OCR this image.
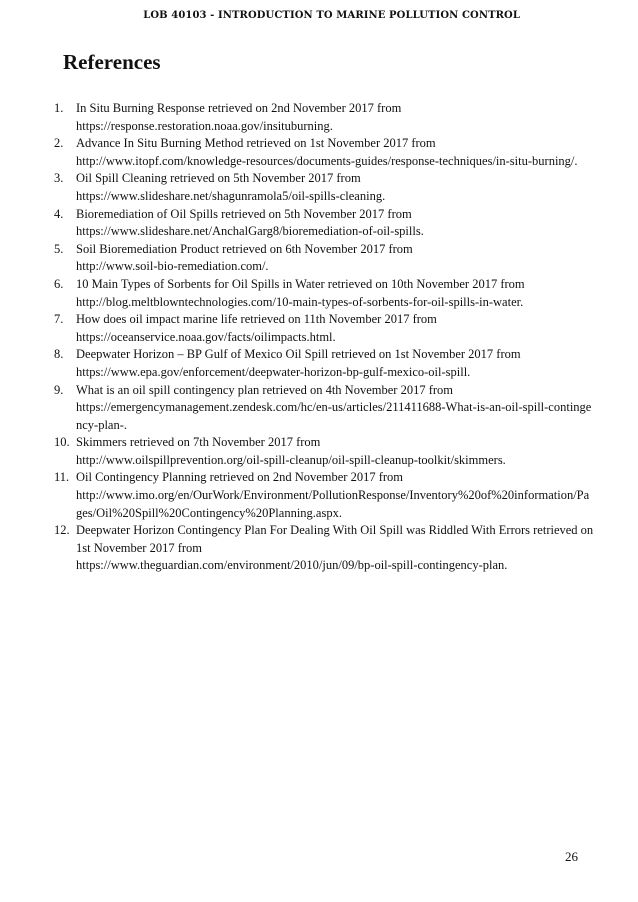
LOB 40103 - INTRODUCTION TO MARINE POLLUTION CONTROL
References
1. In Situ Burning Response retrieved on 2nd November 2017 from
https://response.restoration.noaa.gov/insituburning.
2. Advance In Situ Burning Method retrieved on 1st November 2017 from
http://www.itopf.com/knowledge-resources/documents-guides/response-techniques/in-situ-burning/.
3. Oil Spill Cleaning retrieved on 5th November 2017 from
https://www.slideshare.net/shagunramola5/oil-spills-cleaning.
4. Bioremediation of Oil Spills retrieved on 5th November 2017 from
https://www.slideshare.net/AnchalGarg8/bioremediation-of-oil-spills.
5. Soil Bioremediation Product retrieved on 6th November 2017 from
http://www.soil-bio-remediation.com/.
6. 10 Main Types of Sorbents for Oil Spills in Water retrieved on 10th November 2017 from
http://blog.meltblowntechnologies.com/10-main-types-of-sorbents-for-oil-spills-in-water.
7. How does oil impact marine life retrieved on 11th November 2017 from
https://oceanservice.noaa.gov/facts/oilimpacts.html.
8. Deepwater Horizon – BP Gulf of Mexico Oil Spill retrieved on 1st November 2017 from
https://www.epa.gov/enforcement/deepwater-horizon-bp-gulf-mexico-oil-spill.
9. What is an oil spill contingency plan retrieved on 4th November 2017 from
https://emergencymanagement.zendesk.com/hc/en-us/articles/211411688-What-is-an-oil-spill-contingency-plan-.
10. Skimmers retrieved on 7th November 2017 from
http://www.oilspillprevention.org/oil-spill-cleanup/oil-spill-cleanup-toolkit/skimmers.
11. Oil Contingency Planning retrieved on 2nd November 2017 from
http://www.imo.org/en/OurWork/Environment/PollutionResponse/Inventory%20of%20information/Pages/Oil%20Spill%20Contingency%20Planning.aspx.
12. Deepwater Horizon Contingency Plan For Dealing With Oil Spill was Riddled With Errors retrieved on 1st November 2017 from
https://www.theguardian.com/environment/2010/jun/09/bp-oil-spill-contingency-plan.
26
